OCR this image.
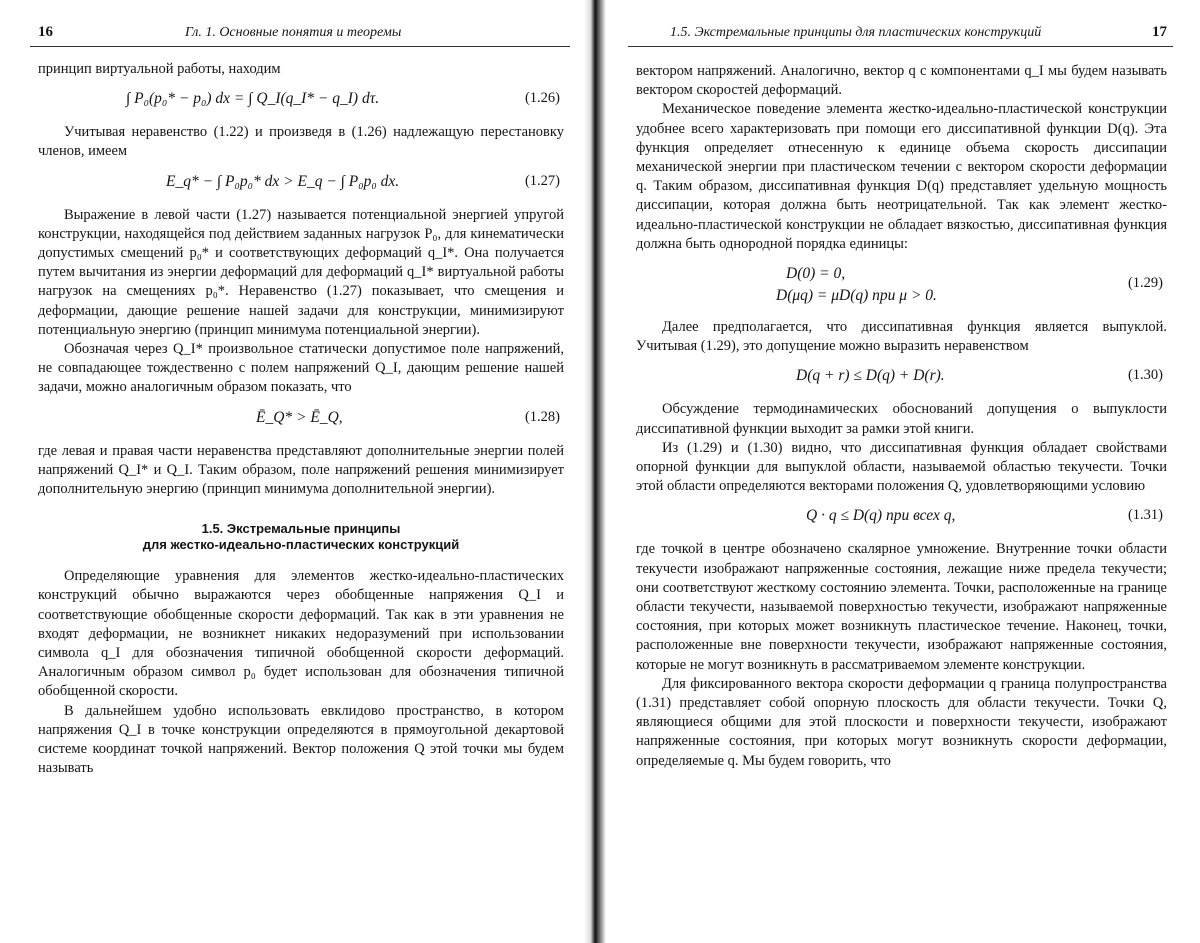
16	Гл. 1. Основные понятия и теоремы

принцип виртуальной работы, находим

∫ P₀(p₀* − p₀) dx = ∫ Q_I(q_I* − q_I) dτ.	(1.26)

Учитывая неравенство (1.22) и произведя в (1.26) надлежащую перестановку членов, имеем

E_q* − ∫ P₀p₀* dx > E_q − ∫ P₀p₀ dx.	(1.27)

Выражение в левой части (1.27) называется потенциальной энергией упругой конструкции, находящейся под действием заданных нагрузок P₀, для кинематически допустимых смещений p₀* и соответствующих деформаций q_I*. Она получается путем вычитания из энергии деформаций для деформаций q_I* виртуальной работы нагрузок на смещениях p₀*. Неравенство (1.27) показывает, что смещения и деформации, дающие решение нашей задачи для конструкции, минимизируют потенциальную энергию (принцип минимума потенциальной энергии).

Обозначая через Q_I* произвольное статически допустимое поле напряжений, не совпадающее тождественно с полем напряжений Q_I, дающим решение нашей задачи, можно аналогичным образом показать, что

Ē_Q* > Ē_Q,	(1.28)

где левая и правая части неравенства представляют дополнительные энергии полей напряжений Q_I* и Q_I. Таким образом, поле напряжений решения минимизирует дополнительную энергию (принцип минимума дополнительной энергии).

1.5. Экстремальные принципы
для жестко-идеально-пластических конструкций

Определяющие уравнения для элементов жестко-идеально-пластических конструкций обычно выражаются через обобщенные напряжения Q_I и соответствующие обобщенные скорости деформаций. Так как в эти уравнения не входят деформации, не возникнет никаких недоразумений при использовании символа q_I для обозначения типичной обобщенной скорости деформаций. Аналогичным образом символ p₀ будет использован для обозначения типичной обобщенной скорости.

В дальнейшем удобно использовать евклидово пространство, в котором напряжения Q_I в точке конструкции определяются в прямоугольной декартовой системе координат точкой напряжений. Вектор положения Q этой точки мы будем называть

1.5. Экстремальные принципы для пластических конструкций	17

вектором напряжений. Аналогично, вектор q с компонентами q_I мы будем называть вектором скоростей деформаций.

Механическое поведение элемента жестко-идеально-пластической конструкции удобнее всего характеризовать при помощи его диссипативной функции D(q). Эта функция определяет отнесенную к единице объема скорость диссипации механической энергии при пластическом течении с вектором скорости деформации q. Таким образом, диссипативная функция D(q) представляет удельную мощность диссипации, которая должна быть неотрицательной. Так как элемент жестко-идеально-пластической конструкции не обладает вязкостью, диссипативная функция должна быть однородной порядка единицы:

D(0) = 0,
D(μq) = μD(q) при μ > 0.
(1.29)

Далее предполагается, что диссипативная функция является выпуклой. Учитывая (1.29), это допущение можно выразить неравенством

D(q + r) ≤ D(q) + D(r).	(1.30)

Обсуждение термодинамических обоснований допущения о выпуклости диссипативной функции выходит за рамки этой книги.

Из (1.29) и (1.30) видно, что диссипативная функция обладает свойствами опорной функции для выпуклой области, называемой областью текучести. Точки этой области определяются векторами положения Q, удовлетворяющими условию

Q · q ≤ D(q) при всех q,	(1.31)

где точкой в центре обозначено скалярное умножение. Внутренние точки области текучести изображают напряженные состояния, лежащие ниже предела текучести; они соответствуют жесткому состоянию элемента. Точки, расположенные на границе области текучести, называемой поверхностью текучести, изображают напряженные состояния, при которых может возникнуть пластическое течение. Наконец, точки, расположенные вне поверхности текучести, изображают напряженные состояния, которые не могут возникнуть в рассматриваемом элементе конструкции.

Для фиксированного вектора скорости деформации q граница полупространства (1.31) представляет собой опорную плоскость для области текучести. Точки Q, являющиеся общими для этой плоскости и поверхности текучести, изображают напряженные состояния, при которых могут возникнуть скорости деформации, определяемые q. Мы будем говорить, что
